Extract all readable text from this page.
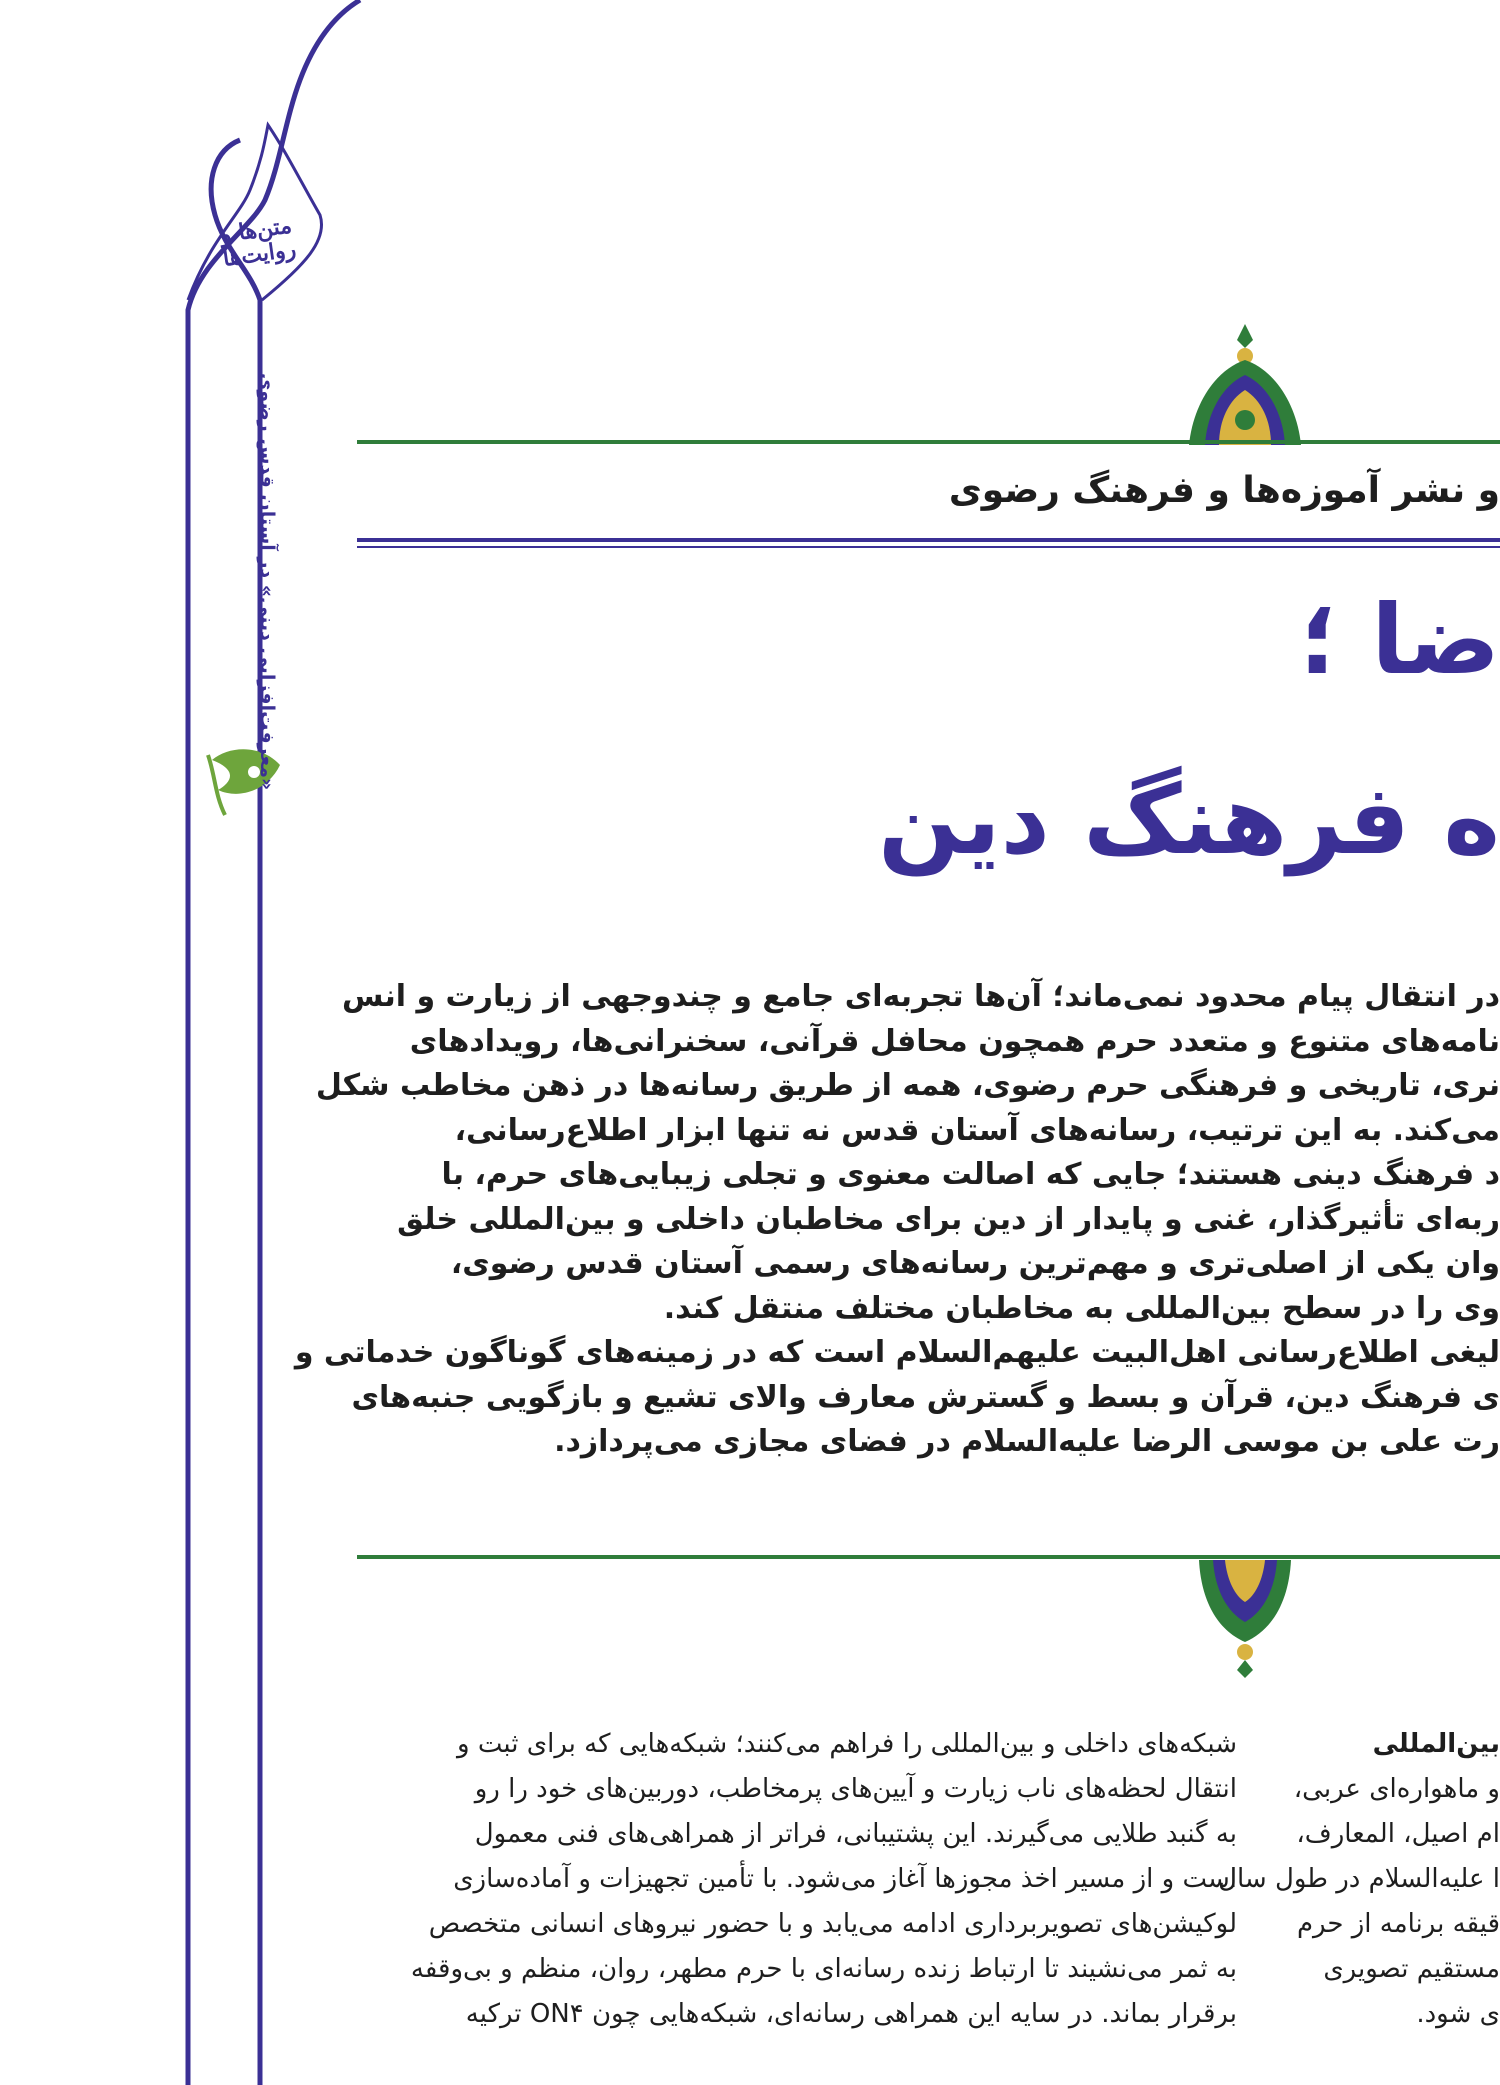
متن‌ها و روایت‌ها
«معرفت‌افزایی دینی» در آستان قدس رضوی	و نشر آموزه‌ها و فرهنگ رضوی
ضا ؛
ه فرهنگ دین

در انتقال پیام محدود نمی‌ماند؛ آن‌ها تجربه‌ای جامع و چندوجهی از زیارت و انس

نامه‌های متنوع و متعدد حرم همچون محافل قرآنی، سخنرانی‌ها، رویدادهای

نری، تاریخی و فرهنگی حرم رضوی، همه از طریق رسانه‌ها در ذهن مخاطب شکل

می‌کند. به این ترتیب، رسانه‌های آستان قدس نه تنها ابزار اطلاع‌رسانی،

د فرهنگ دینی هستند؛ جایی که اصالت معنوی و تجلی زیبایی‌های حرم، با

ربه‌ای تأثیرگذار، غنی و پایدار از دین برای مخاطبان داخلی و بین‌المللی خلق

وان یکی از اصلی‌تری و مهم‌ترین رسانه‌های رسمی آستان قدس رضوی،

وی را در سطح بین‌المللی به مخاطبان مختلف منتقل کند.

لیغی اطلاع‌رسانی اهل‌البیت علیهم‌السلام است که در زمینه‌های گوناگون خدماتی و

ی فرهنگ دین، قرآن و بسط و گسترش معارف والای تشیع و بازگویی جنبه‌های

رت علی بن موسی الرضا علیه‌السلام در فضای مجازی می‌پردازد.

بین‌المللی

و ماهواره‌ای عربی،

ام اصیل، المعارف،

ا علیه‌السلام در طول سال

قیقه برنامه از حرم

مستقیم تصویری

ی شود.

شبکه‌های داخلی و بین‌المللی را فراهم می‌کنند؛ شبکه‌هایی که برای ثبت و

انتقال لحظه‌های ناب زیارت و آیین‌های پرمخاطب، دوربین‌های خود را رو

به گنبد طلایی می‌گیرند. این پشتیبانی، فراتر از همراهی‌های فنی معمول

است و از مسیر اخذ مجوزها آغاز می‌شود. با تأمین تجهیزات و آماده‌سازی

لوکیشن‌های تصویربرداری ادامه می‌یابد و با حضور نیروهای انسانی متخصص

به ثمر می‌نشیند تا ارتباط زنده رسانه‌ای با حرم مطهر، روان، منظم و بی‌وقفه

برقرار بماند. در سایه این همراهی رسانه‌ای، شبکه‌هایی چون ON۴ ترکیه
